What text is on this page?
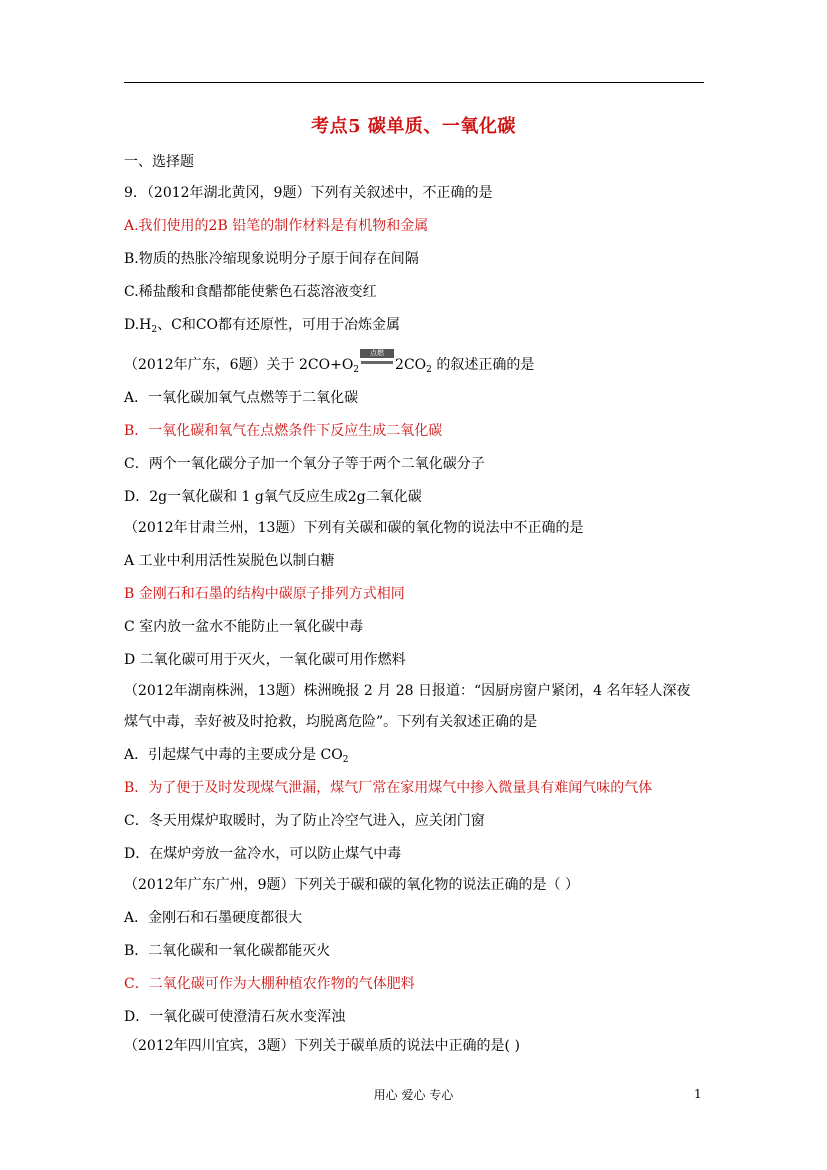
考点5 碳单质、一氧化碳
一、选择题
9．（2012年湖北黄冈，9题）下列有关叙述中，不正确的是
A.我们使用的2B 铅笔的制作材料是有机物和金属
B.物质的热胀冷缩现象说明分子原于间存在间隔
C.稀盐酸和食醋都能使紫色石蕊溶液变红
$D.H_2$、C和CO都有还原性，可用于冶炼金属
（2012年广东，6题）关于 $2CO+O_2$
点燃
$2CO_2$ 的叙述正确的是
A．一氧化碳加氧气点燃等于二氧化碳
B．一氧化碳和氧气在点燃条件下反应生成二氧化碳
C．两个一氧化碳分子加一个氧分子等于两个二氧化碳分子
D．2g一氧化碳和 1 g氧气反应生成2g二氧化碳
（2012年甘肃兰州，13题）下列有关碳和碳的氧化物的说法中不正确的是
A 工业中利用活性炭脱色以制白糖
B 金刚石和石墨的结构中碳原子排列方式相同
C 室内放一盆水不能防止一氧化碳中毒
D 二氧化碳可用于灭火，一氧化碳可用作燃料
（2012年湖南株洲，13题）株洲晚报 2 月 28 日报道：“因厨房窗户紧闭，4 名年轻人深夜
煤气中毒，幸好被及时抢救，均脱离危险”。下列有关叙述正确的是
A．引起煤气中毒的主要成分是 $CO_2$
B．为了便于及时发现煤气泄漏，煤气厂常在家用煤气中掺入微量具有难闻气味的气体
C．冬天用煤炉取暖时，为了防止冷空气进入，应关闭门窗
D．在煤炉旁放一盆冷水，可以防止煤气中毒
（2012年广东广州，9题）下列关于碳和碳的氧化物的说法正确的是（ ）
A．金刚石和石墨硬度都很大
B．二氧化碳和一氧化碳都能灭火
C．二氧化碳可作为大棚种植农作物的气体肥料
D．一氧化碳可使澄清石灰水变浑浊
（2012年四川宜宾，3题）下列关于碳单质的说法中正确的是( )
用心 爱心 专心	1
